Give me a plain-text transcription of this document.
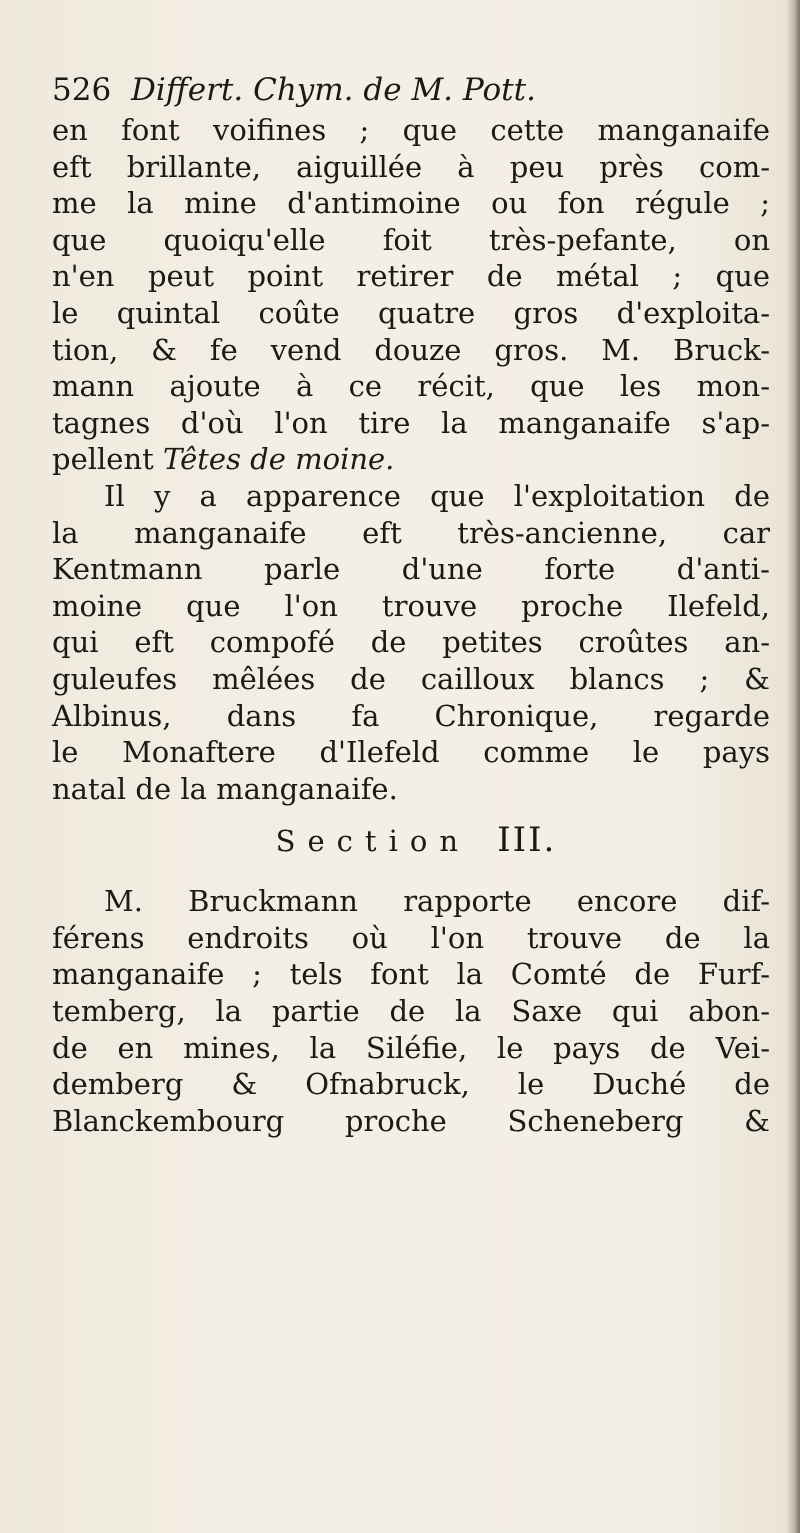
526 Differt. Chym. de M. Pott.
en font voifines ; que cette manganaife
eft brillante, aiguillée à peu près com-
me la mine d'antimoine ou fon régule ;
que quoiqu'elle foit très-pefante, on
n'en peut point retirer de métal ; que
le quintal coûte quatre gros d'exploita-
tion, & fe vend douze gros. M. Bruck-
mann ajoute à ce récit, que les mon-
tagnes d'où l'on tire la manganaife s'ap-
pellent Têtes de moine.
Il y a apparence que l'exploitation de
la manganaife eft très-ancienne, car
Kentmann parle d'une forte d'anti-
moine que l'on trouve proche Ilefeld,
qui eft compofé de petites croûtes an-
guleufes mêlées de cailloux blancs ; &
Albinus, dans fa Chronique, regarde
le Monaftere d'Ilefeld comme le pays
natal de la manganaife.
Section III.
M. Bruckmann rapporte encore dif-
férens endroits où l'on trouve de la
manganaife ; tels font la Comté de Furf-
temberg, la partie de la Saxe qui abon-
de en mines, la Siléfie, le pays de Vei-
demberg & Ofnabruck, le Duché de
Blanckembourg proche Scheneberg &
